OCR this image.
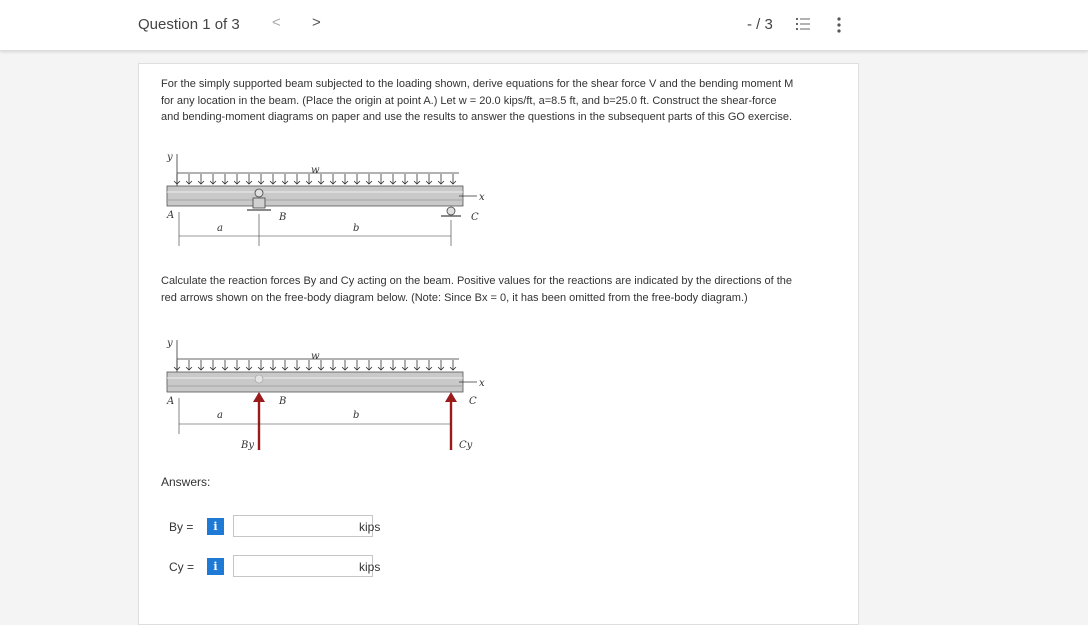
Question 1 of 3 < >	- / 3
For the simply supported beam subjected to the loading shown, derive equations for the shear force V and the bending moment M
for any location in the beam. (Place the origin at point A.) Let w = 20.0 kips/ft, a=8.5 ft, and b=25.0 ft. Construct the shear-force
and bending-moment diagrams on paper and use the results to answer the questions in the subsequent parts of this GO exercise.
y
w
x
A	B	C
a	b
Calculate the reaction forces By and Cy acting on the beam. Positive values for the reactions are indicated by the directions of the
red arrows shown on the free-body diagram below. (Note: Since Bx = 0, it has been omitted from the free-body diagram.)
y
w
x
A	B	C
a	b
By	Cy
Answers:
By =	i	kips
Cy =	i	kips
